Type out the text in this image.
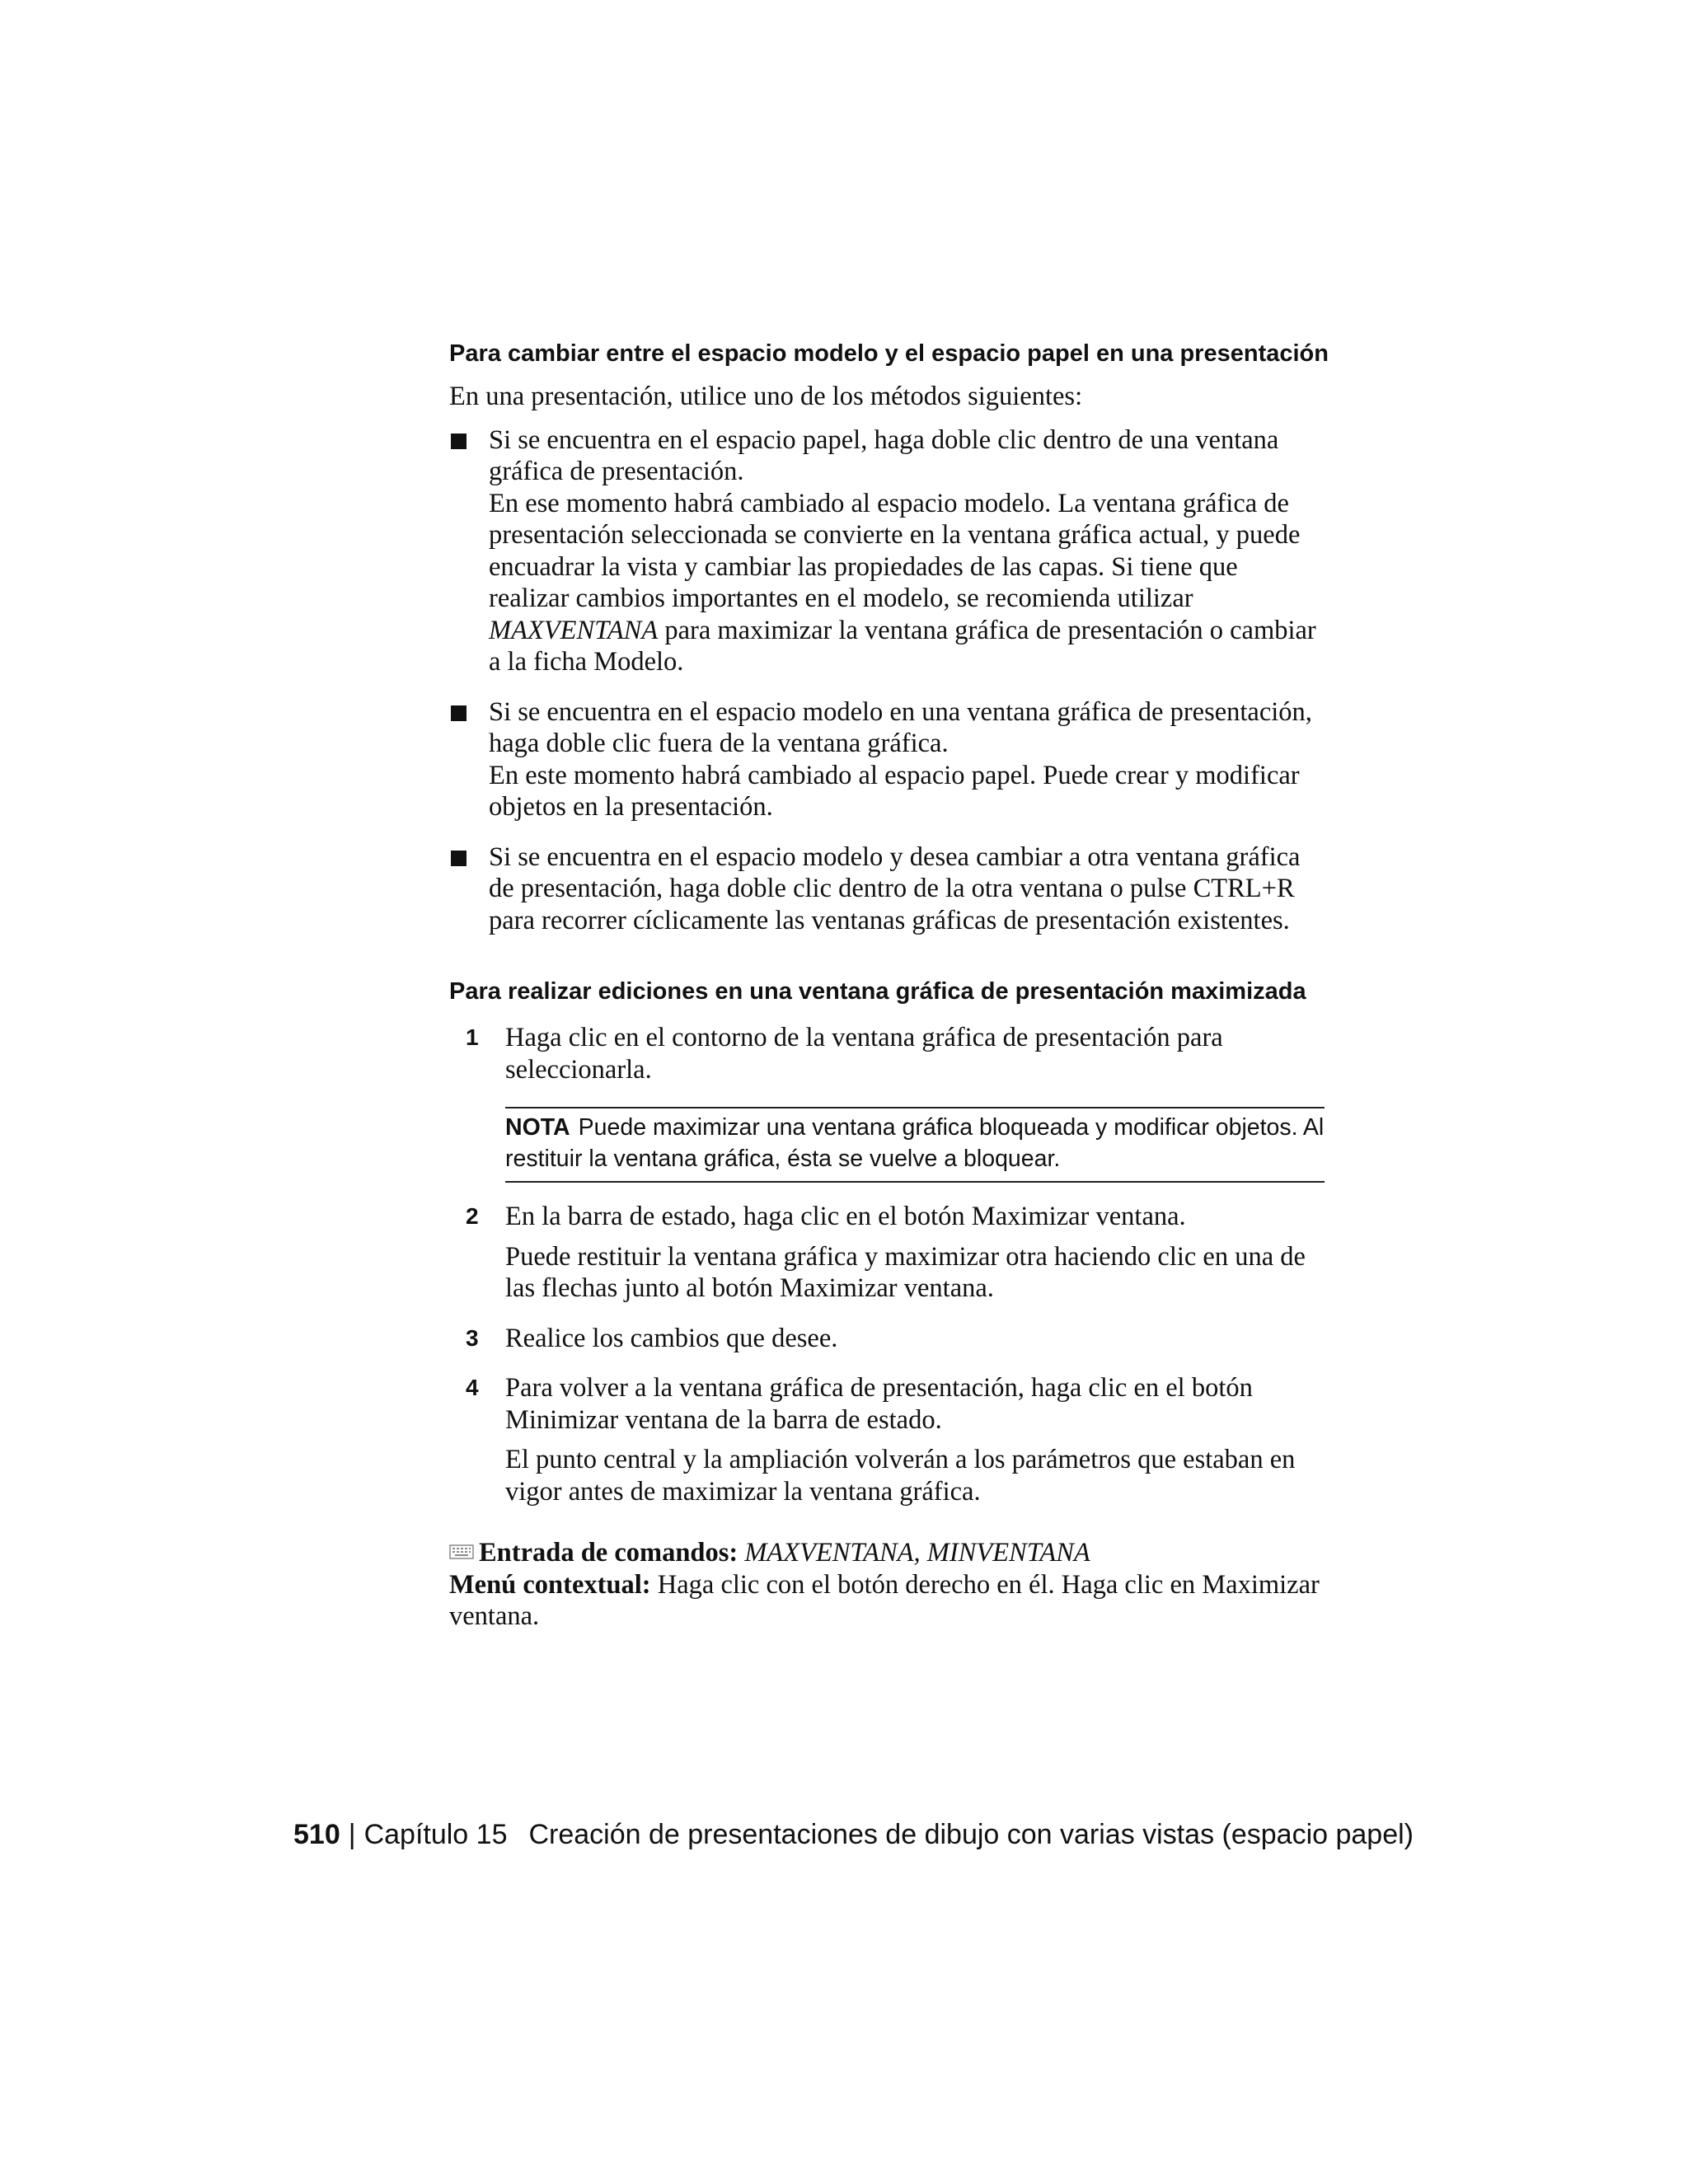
Para cambiar entre el espacio modelo y el espacio papel en una presentación
En una presentación, utilice uno de los métodos siguientes:
Si se encuentra en el espacio papel, haga doble clic dentro de una ventana gráfica de presentación.
En ese momento habrá cambiado al espacio modelo. La ventana gráfica de presentación seleccionada se convierte en la ventana gráfica actual, y puede encuadrar la vista y cambiar las propiedades de las capas. Si tiene que realizar cambios importantes en el modelo, se recomienda utilizar MAXVENTANA para maximizar la ventana gráfica de presentación o cambiar a la ficha Modelo.
Si se encuentra en el espacio modelo en una ventana gráfica de presentación, haga doble clic fuera de la ventana gráfica.
En este momento habrá cambiado al espacio papel. Puede crear y modificar objetos en la presentación.
Si se encuentra en el espacio modelo y desea cambiar a otra ventana gráfica de presentación, haga doble clic dentro de la otra ventana o pulse CTRL+R para recorrer cíclicamente las ventanas gráficas de presentación existentes.
Para realizar ediciones en una ventana gráfica de presentación maximizada
1 Haga clic en el contorno de la ventana gráfica de presentación para seleccionarla.
NOTA Puede maximizar una ventana gráfica bloqueada y modificar objetos. Al restituir la ventana gráfica, ésta se vuelve a bloquear.
2 En la barra de estado, haga clic en el botón Maximizar ventana.
Puede restituir la ventana gráfica y maximizar otra haciendo clic en una de las flechas junto al botón Maximizar ventana.
3 Realice los cambios que desee.
4 Para volver a la ventana gráfica de presentación, haga clic en el botón Minimizar ventana de la barra de estado.
El punto central y la ampliación volverán a los parámetros que estaban en vigor antes de maximizar la ventana gráfica.
Entrada de comandos: MAXVENTANA, MINVENTANA
Menú contextual: Haga clic con el botón derecho en él. Haga clic en Maximizar ventana.
510 | Capítulo 15 Creación de presentaciones de dibujo con varias vistas (espacio papel)
